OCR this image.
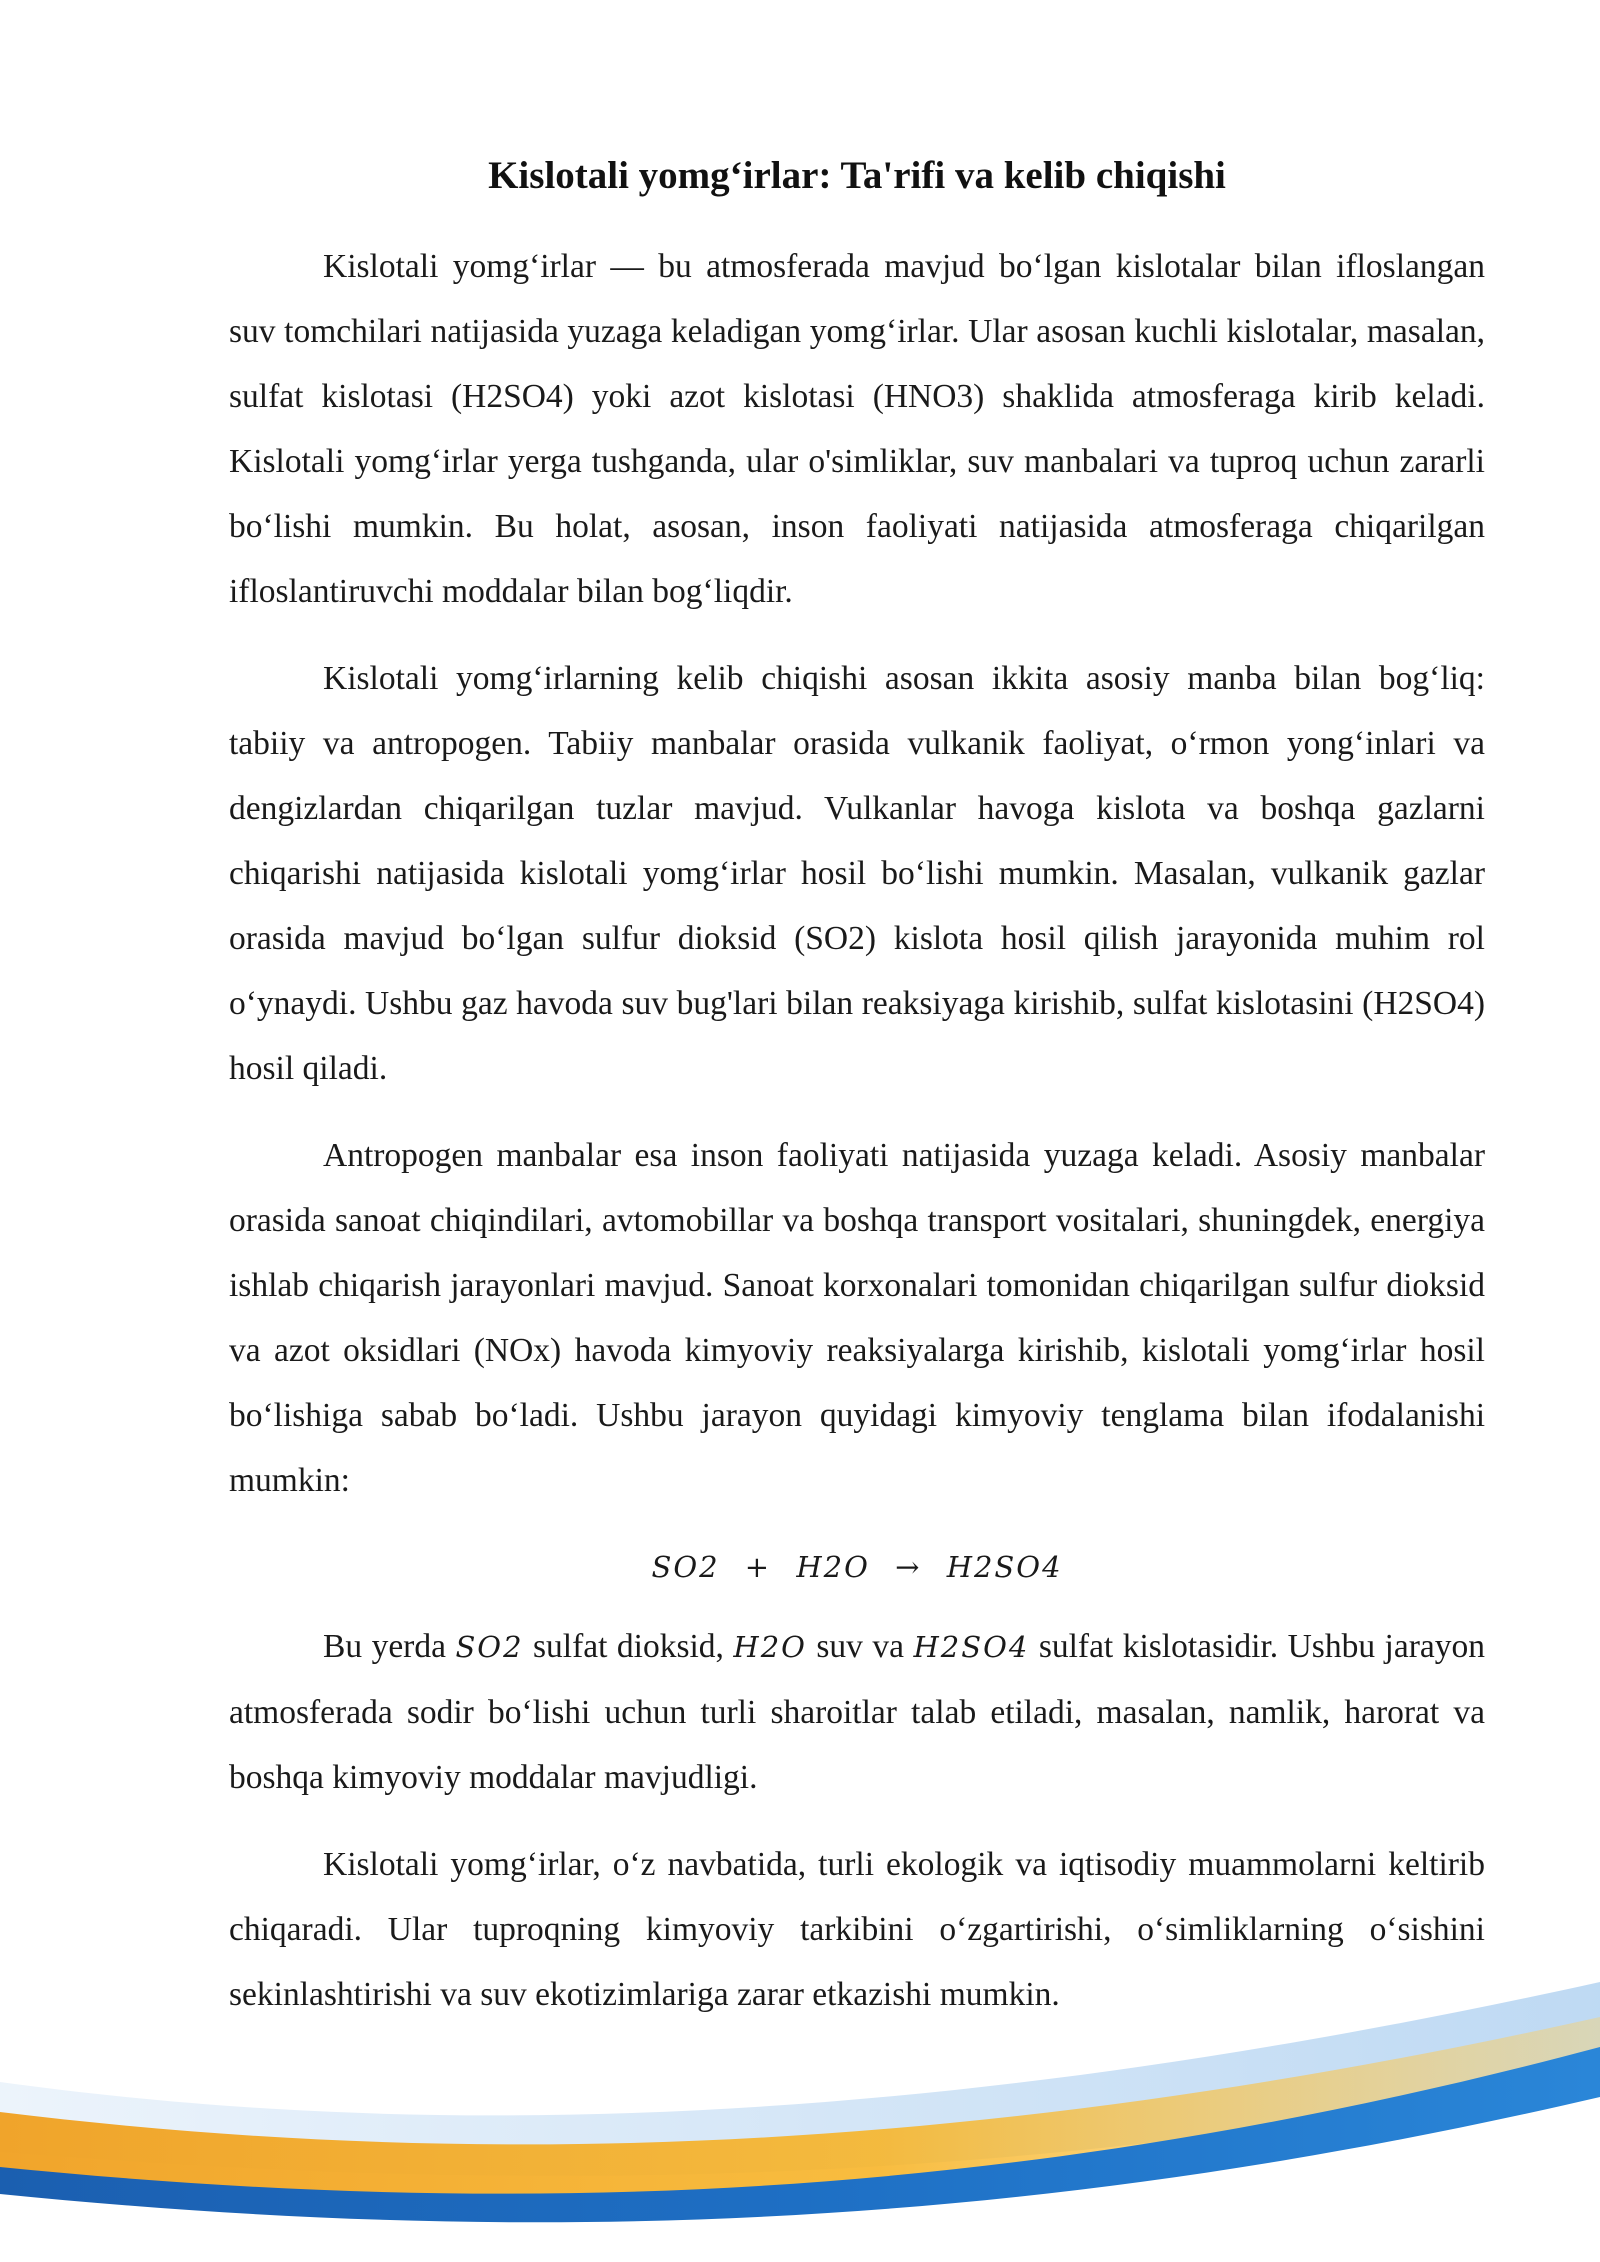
Kislotali yomg‘irlar: Ta'rifi va kelib chiqishi

Kislotali yomg‘irlar — bu atmosferada mavjud bo‘lgan kislotalar bilan ifloslangan suv tomchilari natijasida yuzaga keladigan yomg‘irlar. Ular asosan kuchli kislotalar, masalan, sulfat kislotasi (H2SO4) yoki azot kislotasi (HNO3) shaklida atmosferaga kirib keladi. Kislotali yomg‘irlar yerga tushganda, ular o'simliklar, suv manbalari va tuproq uchun zararli bo‘lishi mumkin. Bu holat, asosan, inson faoliyati natijasida atmosferaga chiqarilgan ifloslantiruvchi moddalar bilan bog‘liqdir.

Kislotali yomg‘irlarning kelib chiqishi asosan ikkita asosiy manba bilan bog‘liq: tabiiy va antropogen. Tabiiy manbalar orasida vulkanik faoliyat, o‘rmon yong‘inlari va dengizlardan chiqarilgan tuzlar mavjud. Vulkanlar havoga kislota va boshqa gazlarni chiqarishi natijasida kislotali yomg‘irlar hosil bo‘lishi mumkin. Masalan, vulkanik gazlar orasida mavjud bo‘lgan sulfur dioksid (SO2) kislota hosil qilish jarayonida muhim rol o‘ynaydi. Ushbu gaz havoda suv bug'lari bilan reaksiyaga kirishib, sulfat kislotasini (H2SO4) hosil qiladi.

Antropogen manbalar esa inson faoliyati natijasida yuzaga keladi. Asosiy manbalar orasida sanoat chiqindilari, avtomobillar va boshqa transport vositalari, shuningdek, energiya ishlab chiqarish jarayonlari mavjud. Sanoat korxonalari tomonidan chiqarilgan sulfur dioksid va azot oksidlari (NOx) havoda kimyoviy reaksiyalarga kirishib, kislotali yomg‘irlar hosil bo‘lishiga sabab bo‘ladi. Ushbu jarayon quyidagi kimyoviy tenglama bilan ifodalanishi mumkin:

SO2 + H2O → H2SO4

Bu yerda SO2 sulfat dioksid, H2O suv va H2SO4 sulfat kislotasidir. Ushbu jarayon atmosferada sodir bo‘lishi uchun turli sharoitlar talab etiladi, masalan, namlik, harorat va boshqa kimyoviy moddalar mavjudligi.

Kislotali yomg‘irlar, o‘z navbatida, turli ekologik va iqtisodiy muammolarni keltirib chiqaradi. Ular tuproqning kimyoviy tarkibini o‘zgartirishi, o‘simliklarning o‘sishini sekinlashtirishi va suv ekotizimlariga zarar etkazishi mumkin.
